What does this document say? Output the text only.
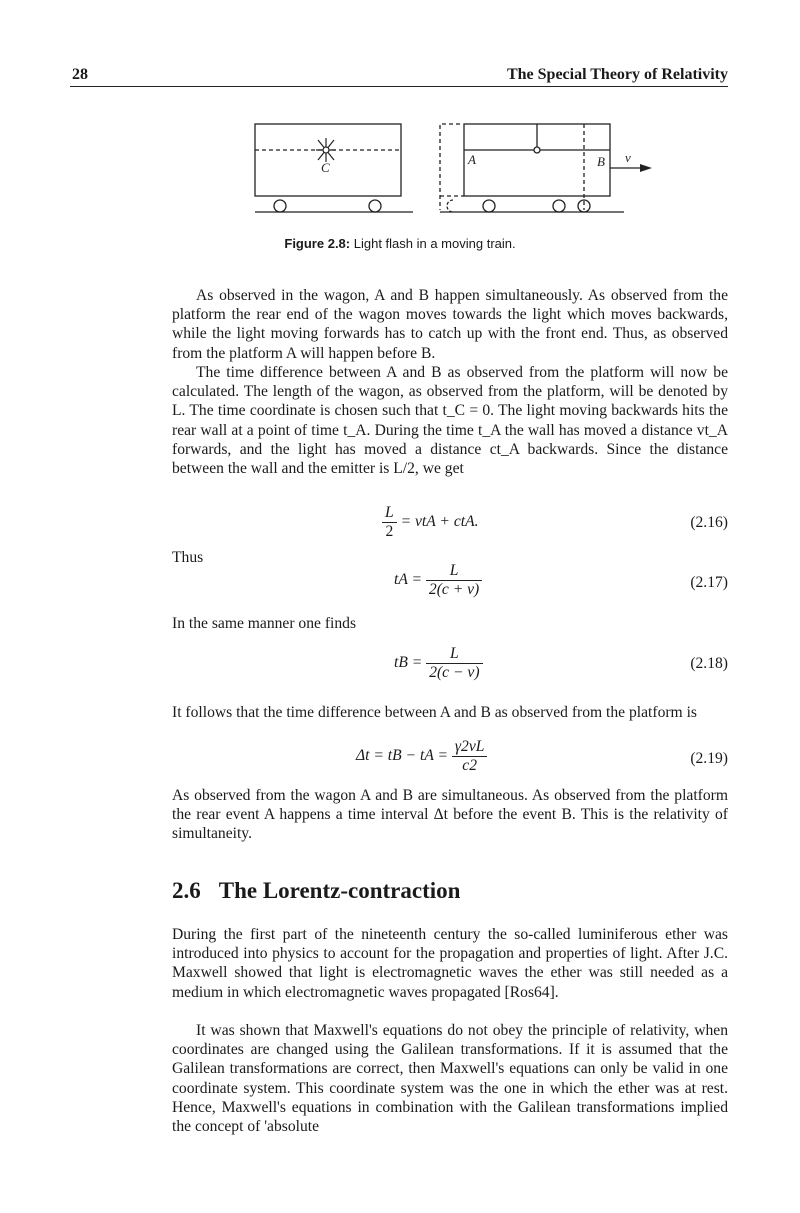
28	The Special Theory of Relativity
C
A	B v
Figure 2.8: Light flash in a moving train.
As observed in the wagon, A and B happen simultaneously. As observed from the platform the rear end of the wagon moves towards the light which moves backwards, while the light moving forwards has to catch up with the front end. Thus, as observed from the platform A will happen before B.
The time difference between A and B as observed from the platform will now be calculated. The length of the wagon, as observed from the platform, will be denoted by L. The time coordinate is chosen such that t_C = 0. The light moving backwards hits the rear wall at a point of time t_A. During the time t_A the wall has moved a distance vt_A forwards, and the light has moved a distance ct_A backwards. Since the distance between the wall and the emitter is L/2, we get
$\frac{L}{2}$ = vtA + ctA.	(2.16)
Thus
tA = $\frac{L}{2(c + v)}$	(2.17)
In the same manner one finds
tB = $\frac{L}{2(c - v)}$	(2.18)
It follows that the time difference between A and B as observed from the platform is
Δt = tB − tA = $\frac{\gamma 2vL}{c2}$	(2.19)
As observed from the wagon A and B are simultaneous. As observed from the platform the rear event A happens a time interval Δt before the event B. This is the relativity of simultaneity.
2.6 The Lorentz-contraction
During the first part of the nineteenth century the so-called luminiferous ether was introduced into physics to account for the propagation and properties of light. After J.C. Maxwell showed that light is electromagnetic waves the ether was still needed as a medium in which electromagnetic waves propagated [Ros64].
It was shown that Maxwell's equations do not obey the principle of relativity, when coordinates are changed using the Galilean transformations. If it is assumed that the Galilean transformations are correct, then Maxwell's equations can only be valid in one coordinate system. This coordinate system was the one in which the ether was at rest. Hence, Maxwell's equations in combination with the Galilean transformations implied the concept of 'absolute
